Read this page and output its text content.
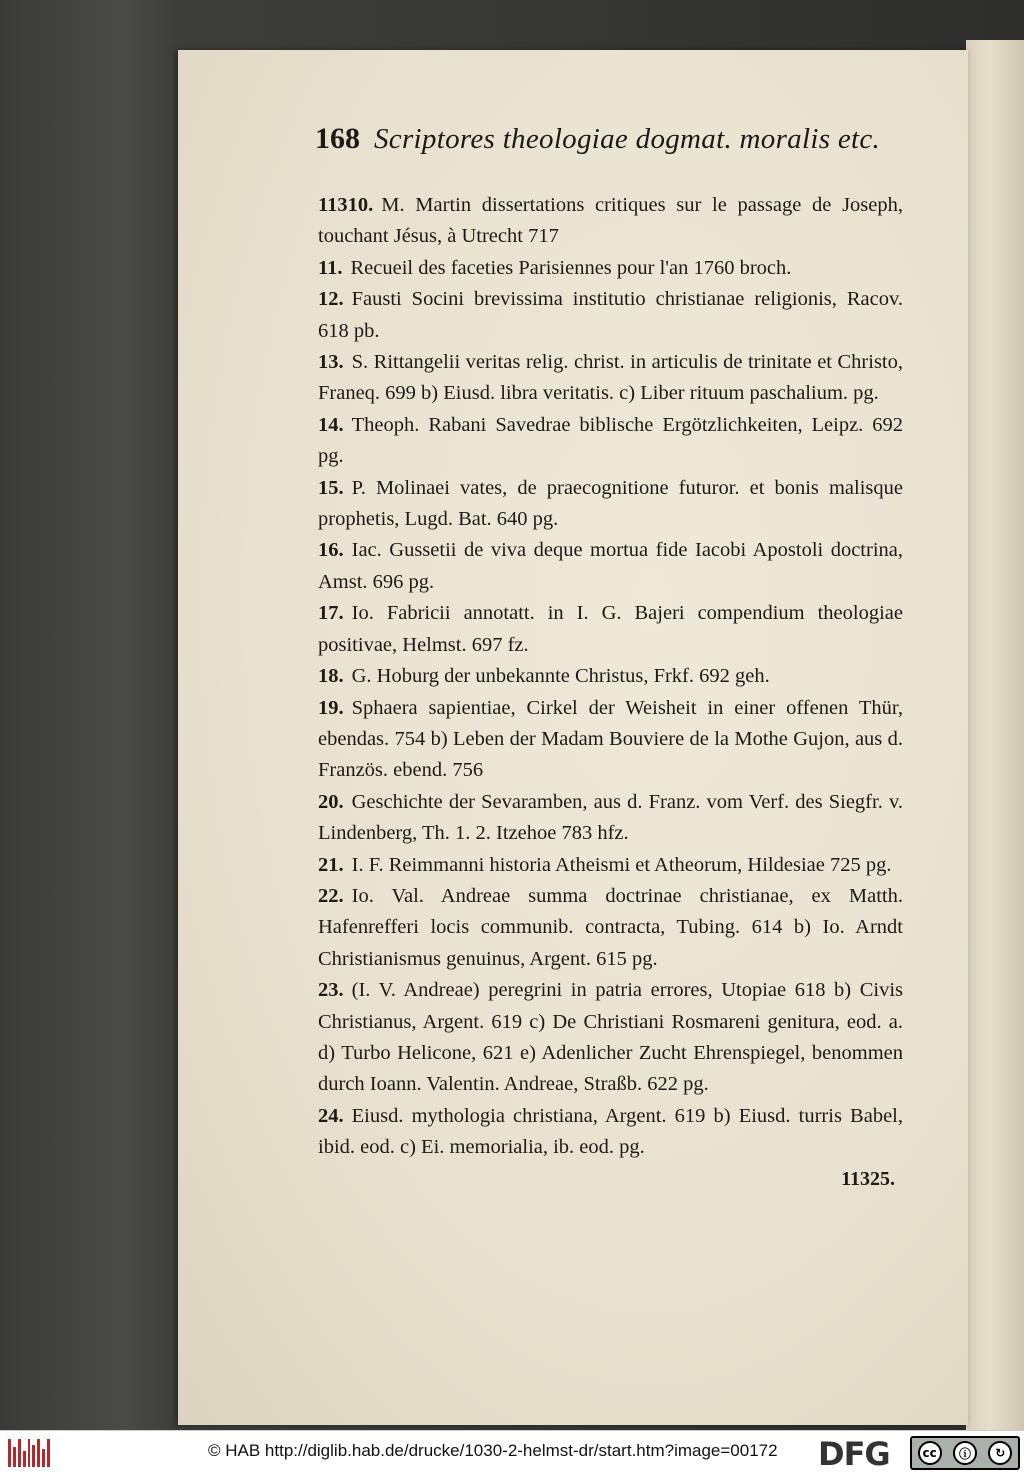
168 Scriptores theologiae dogmat. moralis etc.

11310. M. Martin dissertations critiques sur le passage de Joseph, touchant Jésus, à Utrecht 717

11. Recueil des faceties Parisiennes pour l'an 1760 broch.

12. Fausti Socini brevissima institutio christianae religionis, Racov. 618 pb.

13. S. Rittangelii veritas relig. christ. in articulis de trinitate et Christo, Franeq. 699 b) Eiusd. libra veritatis. c) Liber rituum paschalium. pg.

14. Theoph. Rabani Savedrae biblische Ergötzlichkeiten, Leipz. 692 pg.

15. P. Molinaei vates, de praecognitione futuror. et bonis malisque prophetis, Lugd. Bat. 640 pg.

16. Iac. Gussetii de viva deque mortua fide Iacobi Apostoli doctrina, Amst. 696 pg.

17. Io. Fabricii annotatt. in I. G. Bajeri compendium theologiae positivae, Helmst. 697 fz.

18. G. Hoburg der unbekannte Christus, Frkf. 692 geh.

19. Sphaera sapientiae, Cirkel der Weisheit in einer offenen Thür, ebendas. 754 b) Leben der Madam Bouviere de la Mothe Gujon, aus d. Französ. ebend. 756

20. Geschichte der Sevaramben, aus d. Franz. vom Verf. des Siegfr. v. Lindenberg, Th. 1. 2. Itzehoe 783 hfz.

21. I. F. Reimmanni historia Atheismi et Atheorum, Hildesiae 725 pg.

22. Io. Val. Andreae summa doctrinae christianae, ex Matth. Hafenrefferi locis communib. contracta, Tubing. 614 b) Io. Arndt Christianismus genuinus, Argent. 615 pg.

23. (I. V. Andreae) peregrini in patria errores, Utopiae 618 b) Civis Christianus, Argent. 619 c) De Christiani Rosmareni genitura, eod. a. d) Turbo Helicone, 621 e) Adenlicher Zucht Ehrenspiegel, benommen durch Ioann. Valentin. Andreae, Straßb. 622 pg.

24. Eiusd. mythologia christiana, Argent. 619 b) Eiusd. turris Babel, ibid. eod. c) Ei. memorialia, ib. eod. pg.

11325.
© HAB http://diglib.hab.de/drucke/1030-2-helmst-dr/start.htm?image=00172 DFG	cc	ⓘ	↻
